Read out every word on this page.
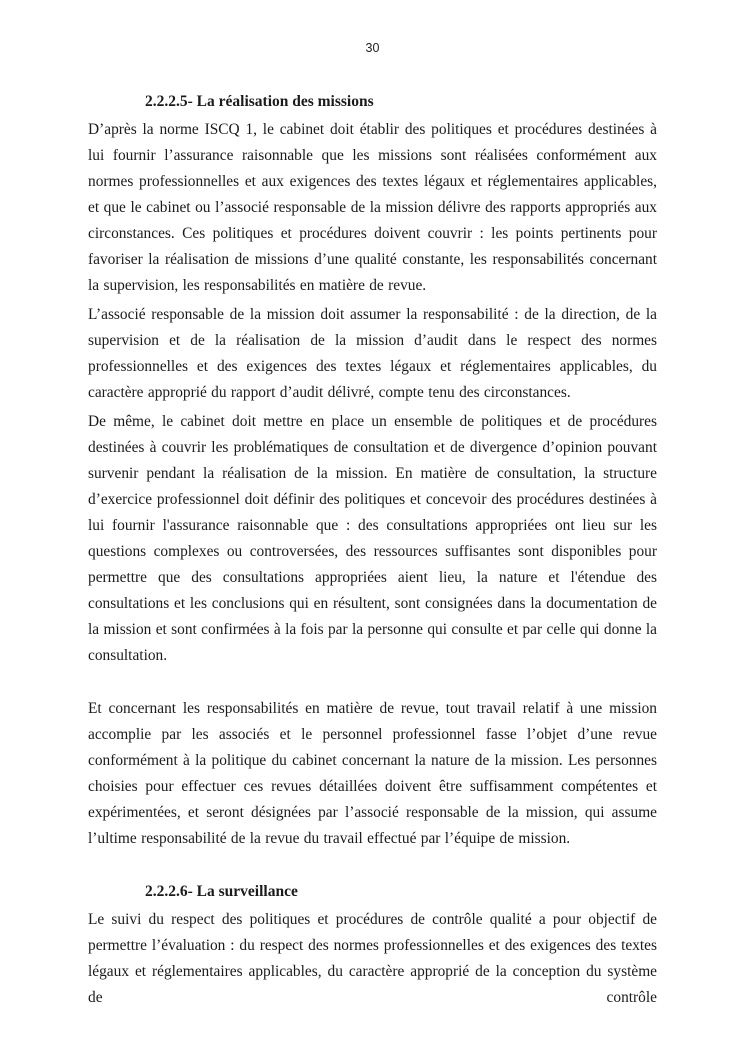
30
2.2.2.5- La réalisation des missions

D’après la norme ISCQ 1, le cabinet doit établir des politiques et procédures destinées à lui fournir l’assurance raisonnable que les missions sont réalisées conformément aux normes professionnelles et aux exigences des textes légaux et réglementaires applicables, et que le cabinet ou l’associé responsable de la mission délivre des rapports appropriés aux circonstances. Ces politiques et procédures doivent couvrir : les points pertinents pour favoriser la réalisation de missions d’une qualité constante, les responsabilités concernant la supervision, les responsabilités en matière de revue.

L’associé responsable de la mission doit assumer la responsabilité : de la direction, de la supervision et de la réalisation de la mission d’audit dans le respect des normes professionnelles et des exigences des textes légaux et réglementaires applicables, du caractère approprié du rapport d’audit délivré, compte tenu des circonstances.

De même, le cabinet doit mettre en place un ensemble de politiques et de procédures destinées à couvrir les problématiques de consultation et de divergence d’opinion pouvant survenir pendant la réalisation de la mission. En matière de consultation, la structure d’exercice professionnel doit définir des politiques et concevoir des procédures destinées à lui fournir l'assurance raisonnable que : des consultations appropriées ont lieu sur les questions complexes ou controversées, des ressources suffisantes sont disponibles pour permettre que des consultations appropriées aient lieu, la nature et l'étendue des consultations et les conclusions qui en résultent, sont consignées dans la documentation de la mission et sont confirmées à la fois par la personne qui consulte et par celle qui donne la consultation.

Et concernant les responsabilités en matière de revue, tout travail relatif à une mission accomplie par les associés et le personnel professionnel fasse l’objet d’une revue conformément à la politique du cabinet concernant la nature de la mission. Les personnes choisies pour effectuer ces revues détaillées doivent être suffisamment compétentes et expérimentées, et seront désignées par l’associé responsable de la mission, qui assume l’ultime responsabilité de la revue du travail effectué par l’équipe de mission.

2.2.2.6- La surveillance

Le suivi du respect des politiques et procédures de contrôle qualité a pour objectif de permettre l’évaluation : du respect des normes professionnelles et des exigences des textes légaux et réglementaires applicables, du caractère approprié de la conception du système de contrôle
